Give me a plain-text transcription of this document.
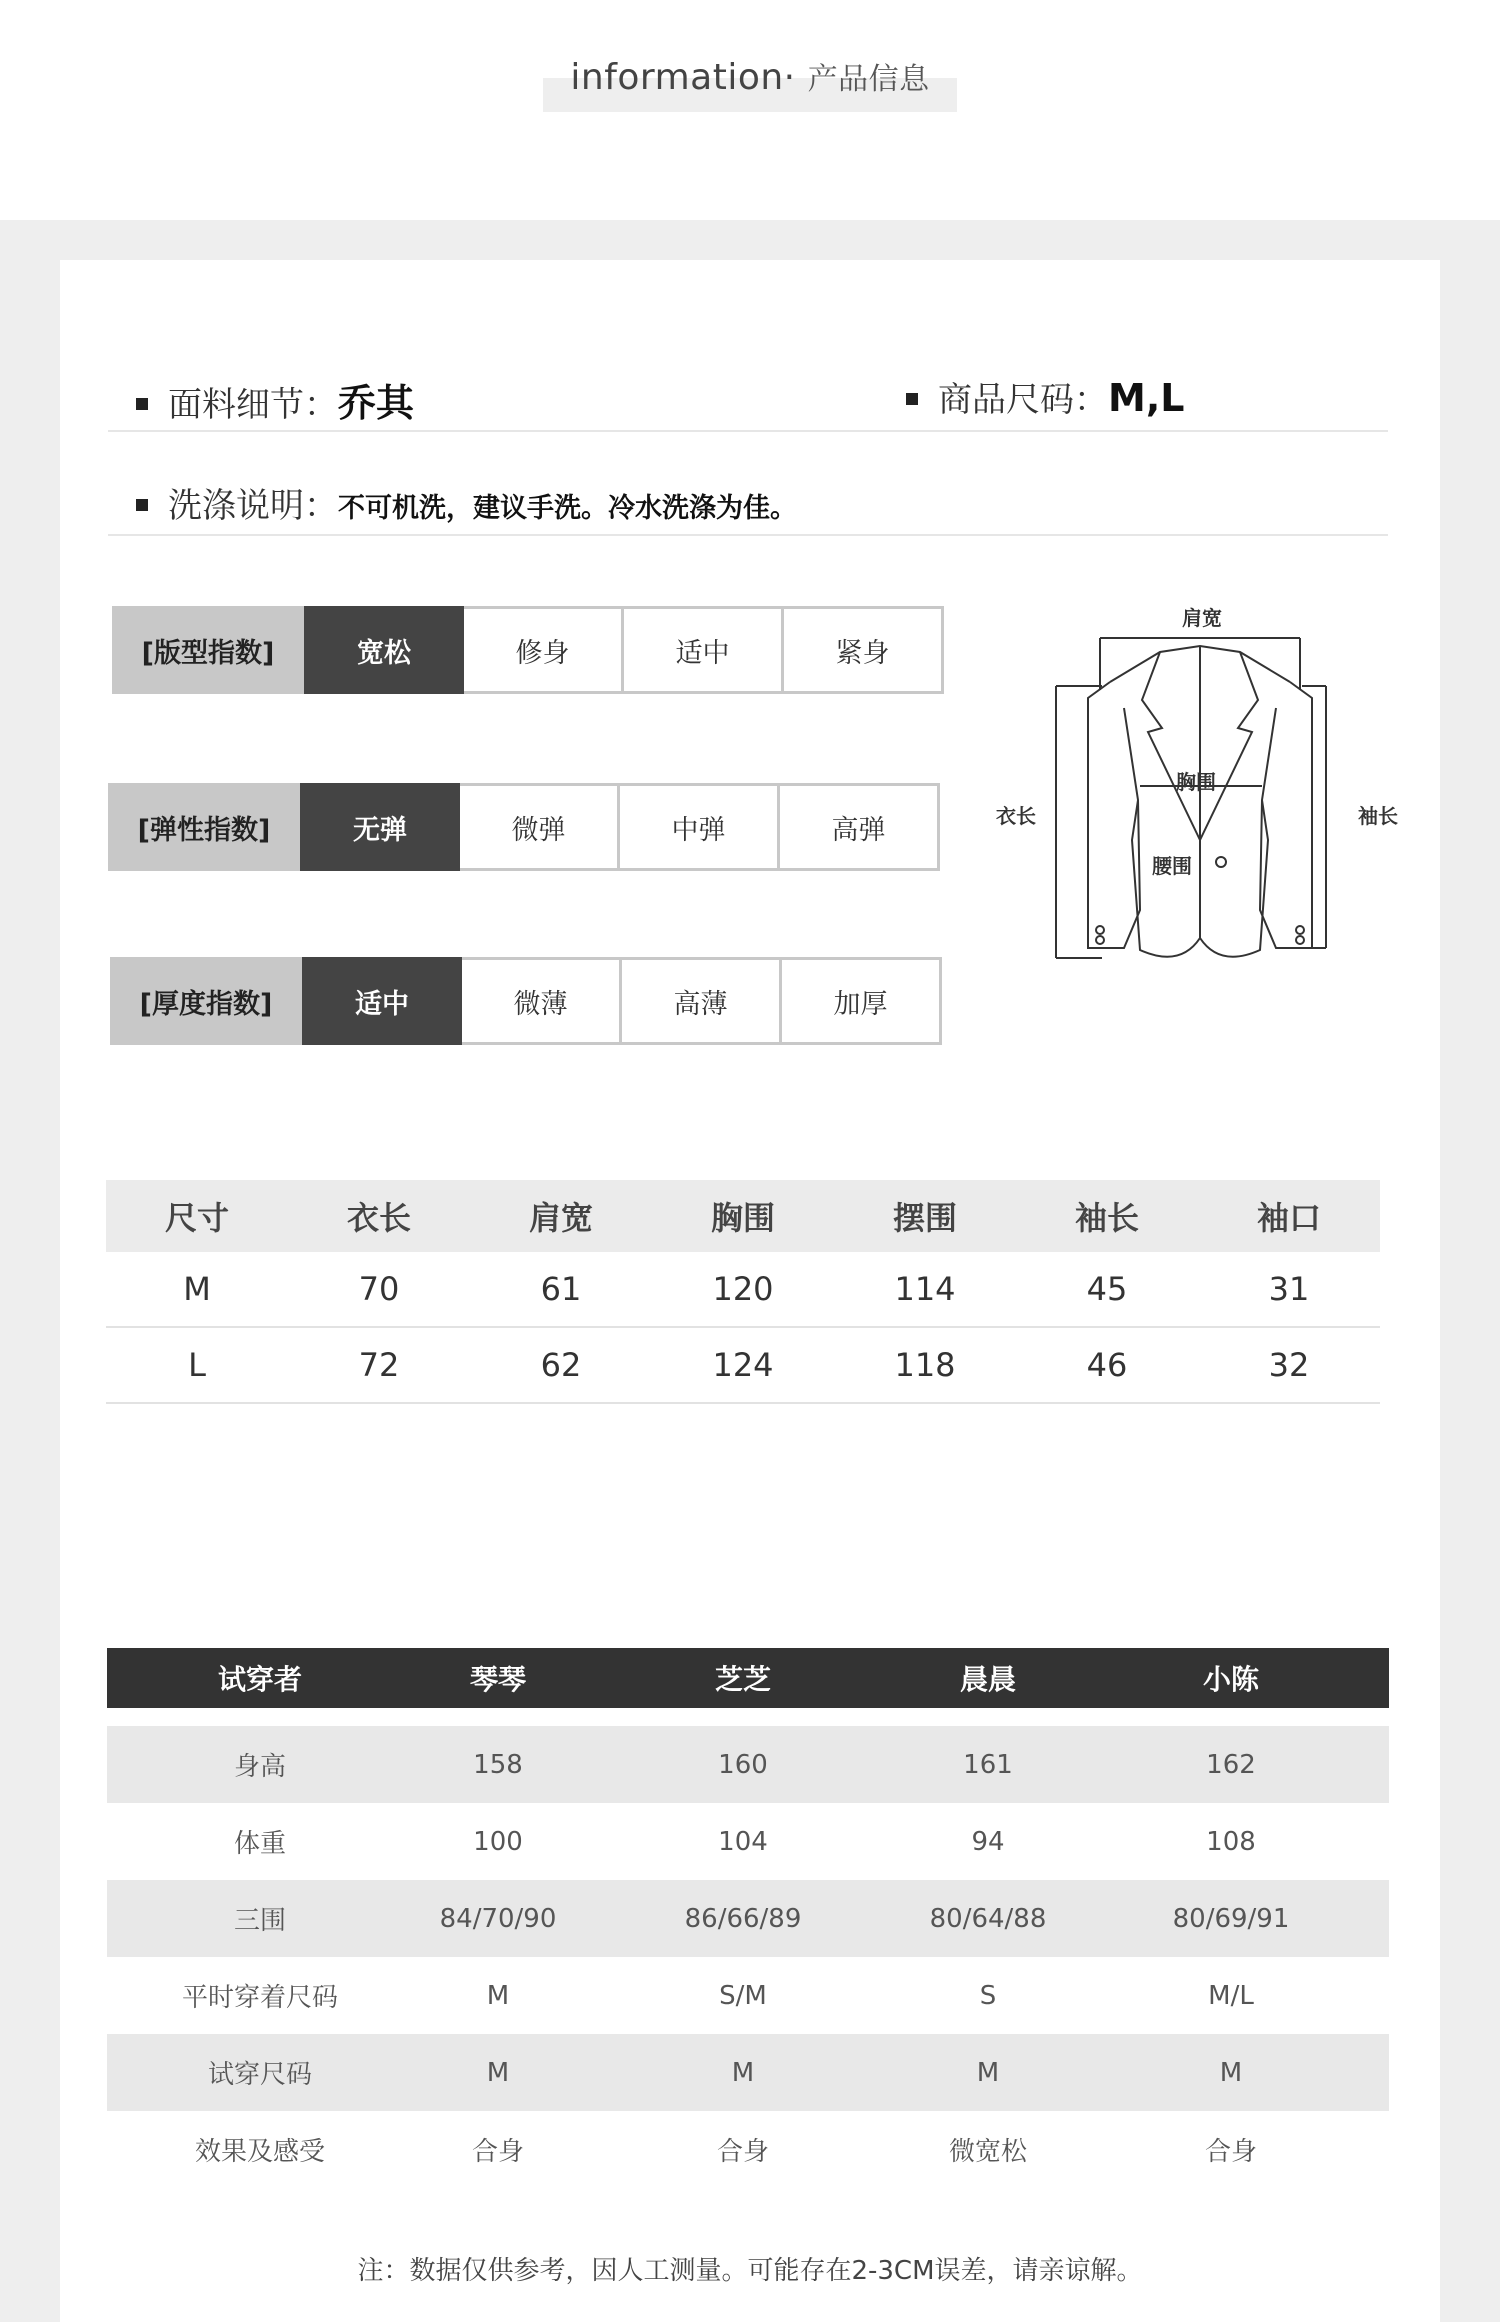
information· 产品信息
面料细节：乔其	商品尺码：M,L
洗涤说明：不可机洗，建议手洗。冷水洗涤为佳。
[版型指数]	宽松	修身	适中	紧身
[弹性指数]	无弹	微弹	中弹	高弹
[厚度指数]	适中	微薄	高薄	加厚
肩宽
衣长	袖长
胸围
腰围
尺寸	衣长	肩宽	胸围	摆围	袖长	袖口
M	70	61	120	114	45	31
L	72	62	124	118	46	32
试穿者	琴琴	芝芝	晨晨	小陈
身高	158	160	161	162
体重	100	104	94	108
三围	84/70/90	86/66/89	80/64/88	80/69/91
平时穿着尺码	M	S/M	S	M/L
试穿尺码	M	M	M	M
效果及感受	合身	合身	微宽松	合身
注：数据仅供参考，因人工测量。可能存在2-3CM误差，请亲谅解。
